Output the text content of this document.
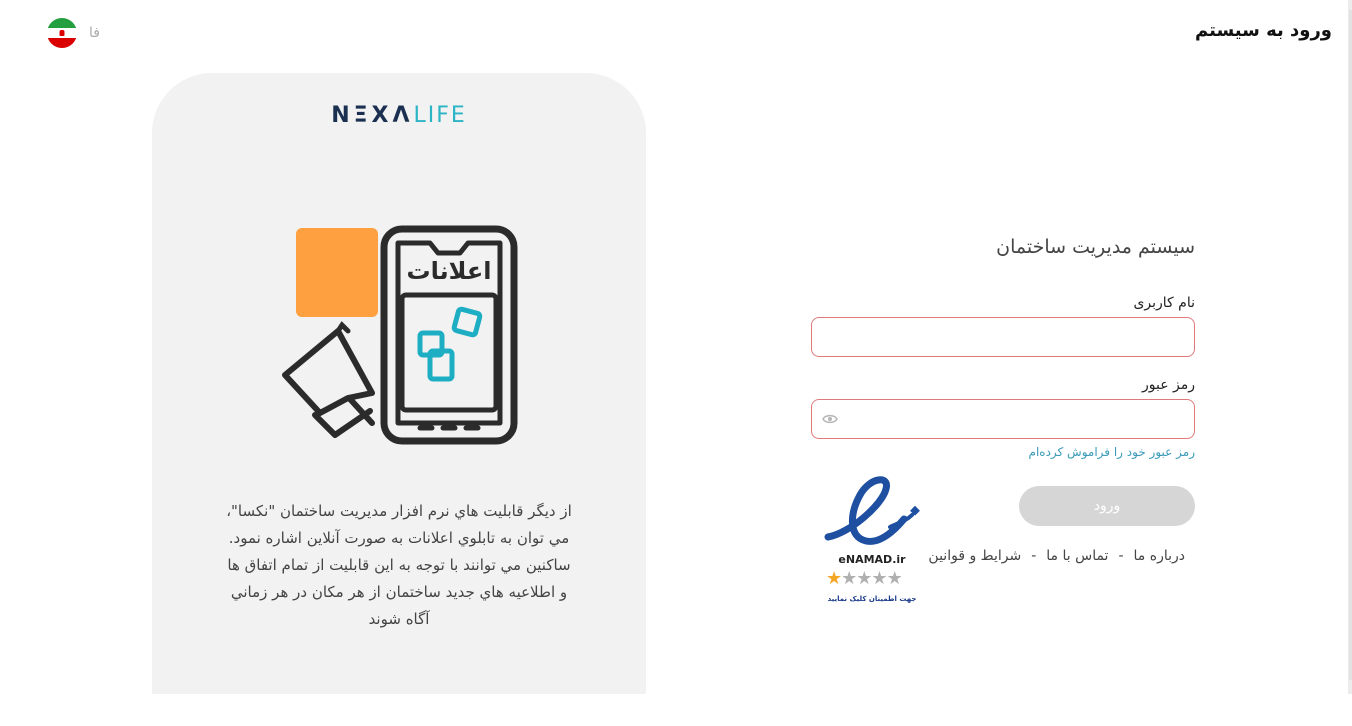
ورود به سیستم
فا
NΞXΛLIFE
اعلانات

از ديگر قابليت هاي نرم افزار مديريت ساختمان "نكسا"، مي توان به تابلوي اعلانات به صورت آنلاين اشاره نمود. ساكنين مي توانند با توجه به اين قابليت از تمام اتفاق ها و اطلاعيه هاي جديد ساختمان از هر مكان در هر زماني آگاه شوند

سیستم مدیریت ساختمان
نام کاربری
رمز عبور
رمز عبور خود را فراموش کرده‌ام
ورود
درباره ما
-
تماس با ما
-
شرایط و قوانین
eNAMAD.ir
★★★★★
جهت اطمینان کلیک نمایید
